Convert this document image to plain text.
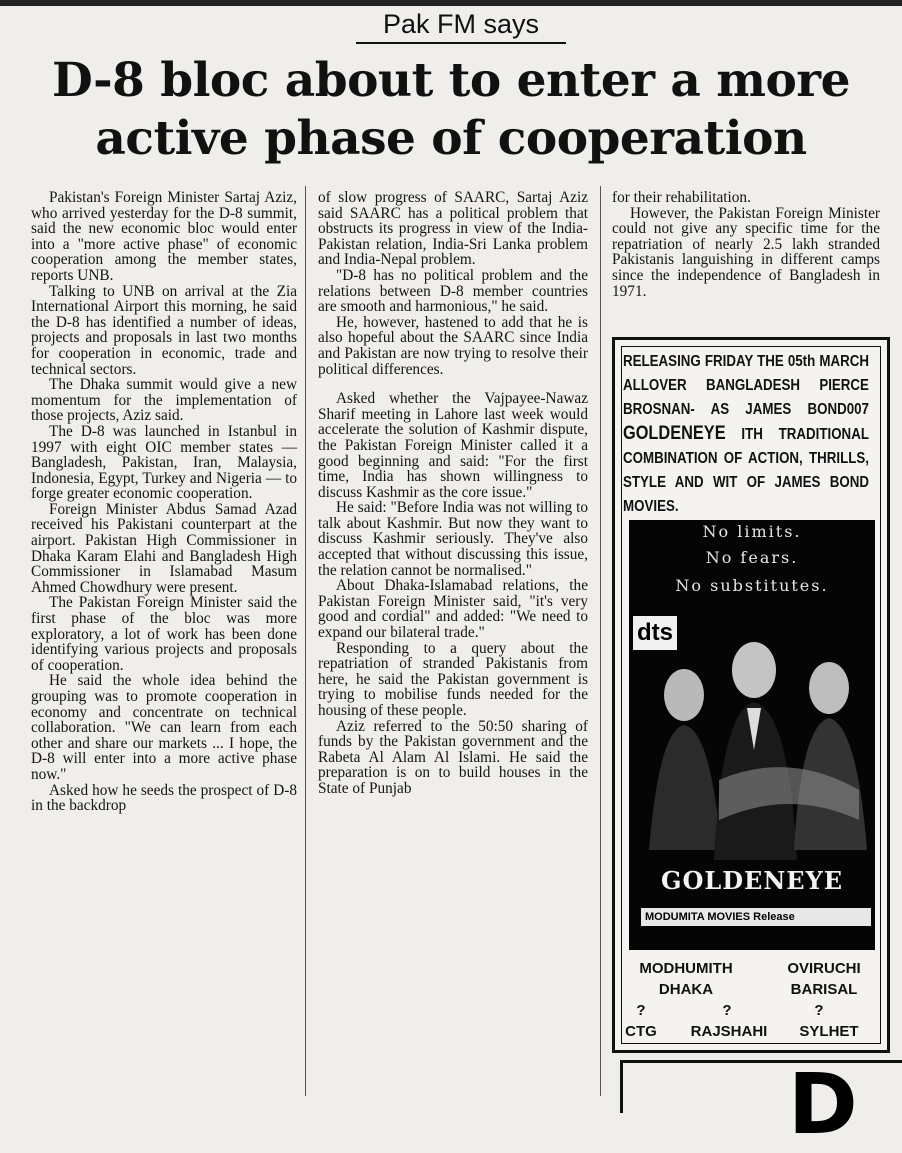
Pak FM says
D-8 bloc about to enter a more
active phase of cooperation

Pakistan's Foreign Minister Sartaj Aziz, who arrived yesterday for the D-8 summit, said the new economic bloc would enter into a "more active phase" of economic cooperation among the member states, reports UNB.

Talking to UNB on arrival at the Zia International Airport this morning, he said the D-8 has identified a number of ideas, projects and proposals in last two months for cooperation in economic, trade and technical sectors.

The Dhaka summit would give a new momentum for the implementation of those projects, Aziz said.

The D-8 was launched in Istanbul in 1997 with eight OIC member states — Bangladesh, Pakistan, Iran, Malaysia, Indonesia, Egypt, Turkey and Nigeria — to forge greater economic cooperation.

Foreign Minister Abdus Samad Azad received his Pakistani counterpart at the airport. Pakistan High Commissioner in Dhaka Karam Elahi and Bangladesh High Commissioner in Islamabad Masum Ahmed Chowdhury were present.

The Pakistan Foreign Minister said the first phase of the bloc was more exploratory, a lot of work has been done identifying various projects and proposals of cooperation.

He said the whole idea behind the grouping was to promote cooperation in economy and concentrate on technical collaboration. "We can learn from each other and share our markets ... I hope, the D-8 will enter into a more active phase now."

Asked how he seeds the prospect of D-8 in the backdrop

of slow progress of SAARC, Sartaj Aziz said SAARC has a political problem that obstructs its progress in view of the India-Pakistan relation, India-Sri Lanka problem and India-Nepal problem.

"D-8 has no political problem and the relations between D-8 member countries are smooth and harmonious," he said.

He, however, hastened to add that he is also hopeful about the SAARC since India and Pakistan are now trying to resolve their political differences.

Asked whether the Vajpayee-Nawaz Sharif meeting in Lahore last week would accelerate the solution of Kashmir dispute, the Pakistan Foreign Minister called it a good beginning and said: "For the first time, India has shown willingness to discuss Kashmir as the core issue."

He said: "Before India was not willing to talk about Kashmir. But now they want to discuss Kashmir seriously. They've also accepted that without discussing this issue, the relation cannot be normalised."

About Dhaka-Islamabad relations, the Pakistan Foreign Minister said, "it's very good and cordial" and added: "We need to expand our bilateral trade."

Responding to a query about the repatriation of stranded Pakistanis from here, he said the Pakistan government is trying to mobilise funds needed for the housing of these people.

Aziz referred to the 50:50 sharing of funds by the Pakistan government and the Rabeta Al Alam Al Islami. He said the preparation is on to build houses in the State of Punjab

for their rehabilitation.

However, the Pakistan Foreign Minister could not give any specific time for the repatriation of nearly 2.5 lakh stranded Pakistanis languishing in different camps since the independence of Bangladesh in 1971.

RELEASING FRIDAY THE 05th MARCH ALLOVER BANGLADESH PIERCE BROSNAN- AS JAMES BOND007 GOLDENEYE ITH TRADITIONAL COMBINATION OF ACTION, THRILLS, STYLE AND WIT OF JAMES BOND MOVIES.
No limits.
No fears.
No substitutes.
dts
GOLDENEYE
MODUMITA MOVIES Release
MODHUMITH	OVIRUCHI
DHAKA	BARISAL
?	?	?
CTG	RAJSHAHI	SYLHET
D
